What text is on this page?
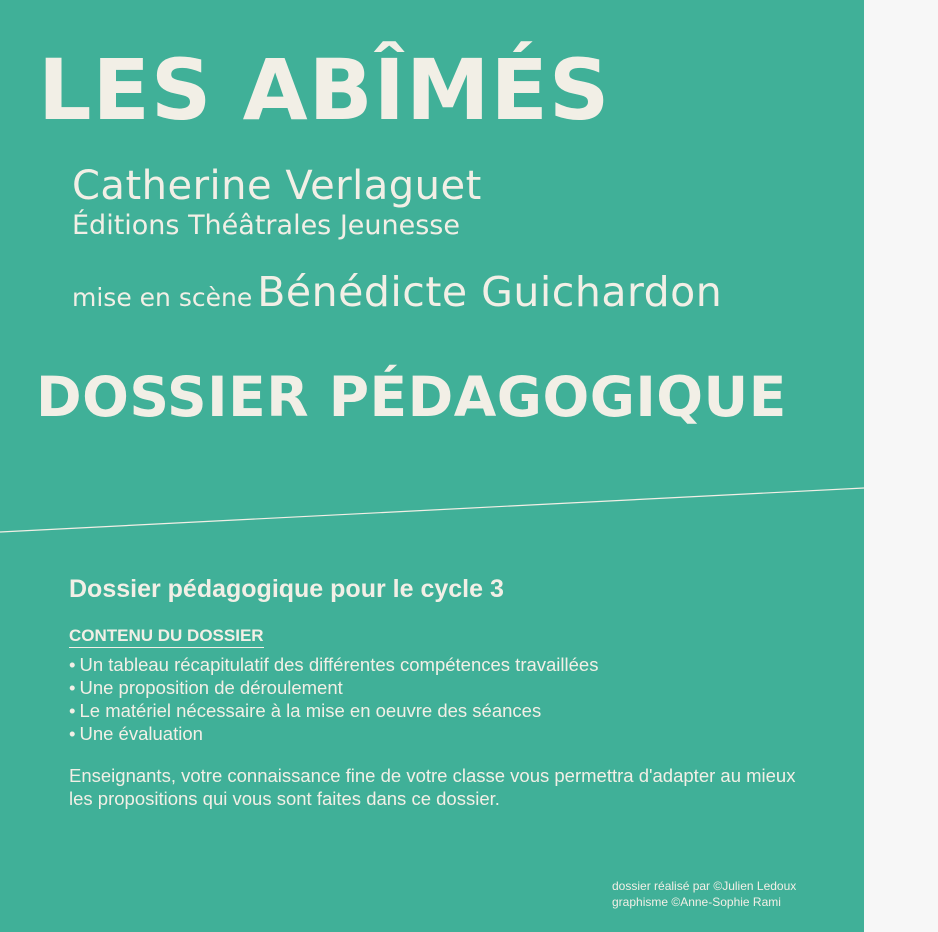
LES ABÎMÉS
Catherine Verlaguet
Éditions Théâtrales Jeunesse
mise en scène Bénédicte Guichardon
DOSSIER PÉDAGOGIQUE
Dossier pédagogique pour le cycle 3
CONTENU DU DOSSIER
• Un tableau récapitulatif des différentes compétences travaillées
• Une proposition de déroulement
• Le matériel nécessaire à la mise en oeuvre des séances
• Une évaluation

Enseignants, votre connaissance fine de votre classe vous permettra d'adapter au mieux les propositions qui vous sont faites dans ce dossier.

dossier réalisé par ©Julien Ledoux
graphisme ©Anne-Sophie Rami
